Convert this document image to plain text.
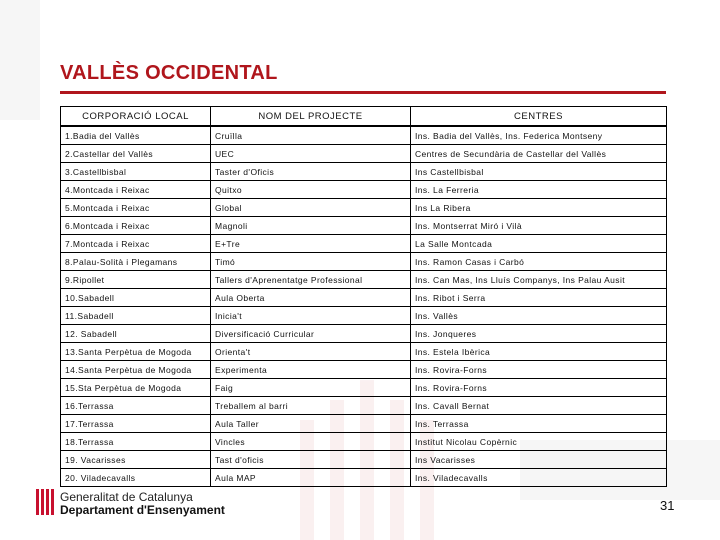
VALLÈS OCCIDENTAL
CORPORACIÓ LOCAL	NOM DEL PROJECTE	CENTRES
1.Badia del Vallès	Cruïlla	Ins. Badia del Vallès, Ins. Federica Montseny
2.Castellar del Vallès	UEC	Centres de Secundària de Castellar del Vallès
3.Castellbisbal	Taster d'Oficis	Ins Castellbisbal
4.Montcada i Reixac	Quitxo	Ins. La Ferreria
5.Montcada i Reixac	Global	Ins La Ribera
6.Montcada i Reixac	Magnoli	Ins. Montserrat Miró i Vilà
7.Montcada i Reixac	E+Tre	La Salle Montcada
8.Palau-Solità i Plegamans	Timó	Ins. Ramon Casas i Carbó
9.Ripollet	Tallers d'Aprenentatge Professional	Ins. Can Mas, Ins Lluís Companys, Ins Palau Ausit
10.Sabadell	Aula Oberta	Ins. Ribot i Serra
11.Sabadell	Inicia't	Ins. Vallès
12. Sabadell	Diversificació Curricular	Ins. Jonqueres
13.Santa Perpètua de Mogoda	Orienta't	Ins. Estela Ibèrica
14.Santa Perpètua de Mogoda	Experimenta	Ins. Rovira-Forns
15.Sta Perpètua de Mogoda	Faig	Ins. Rovira-Forns
16.Terrassa	Treballem al barri	Ins. Cavall Bernat
17.Terrassa	Aula Taller	Ins. Terrassa
18.Terrassa	Vincles	Institut Nicolau Copèrnic
19. Vacarisses	Tast d'oficis	Ins Vacarisses
20. Viladecavalls	Aula MAP	Ins. Viladecavalls
Generalitat de Catalunya
Departament d'Ensenyament	31
